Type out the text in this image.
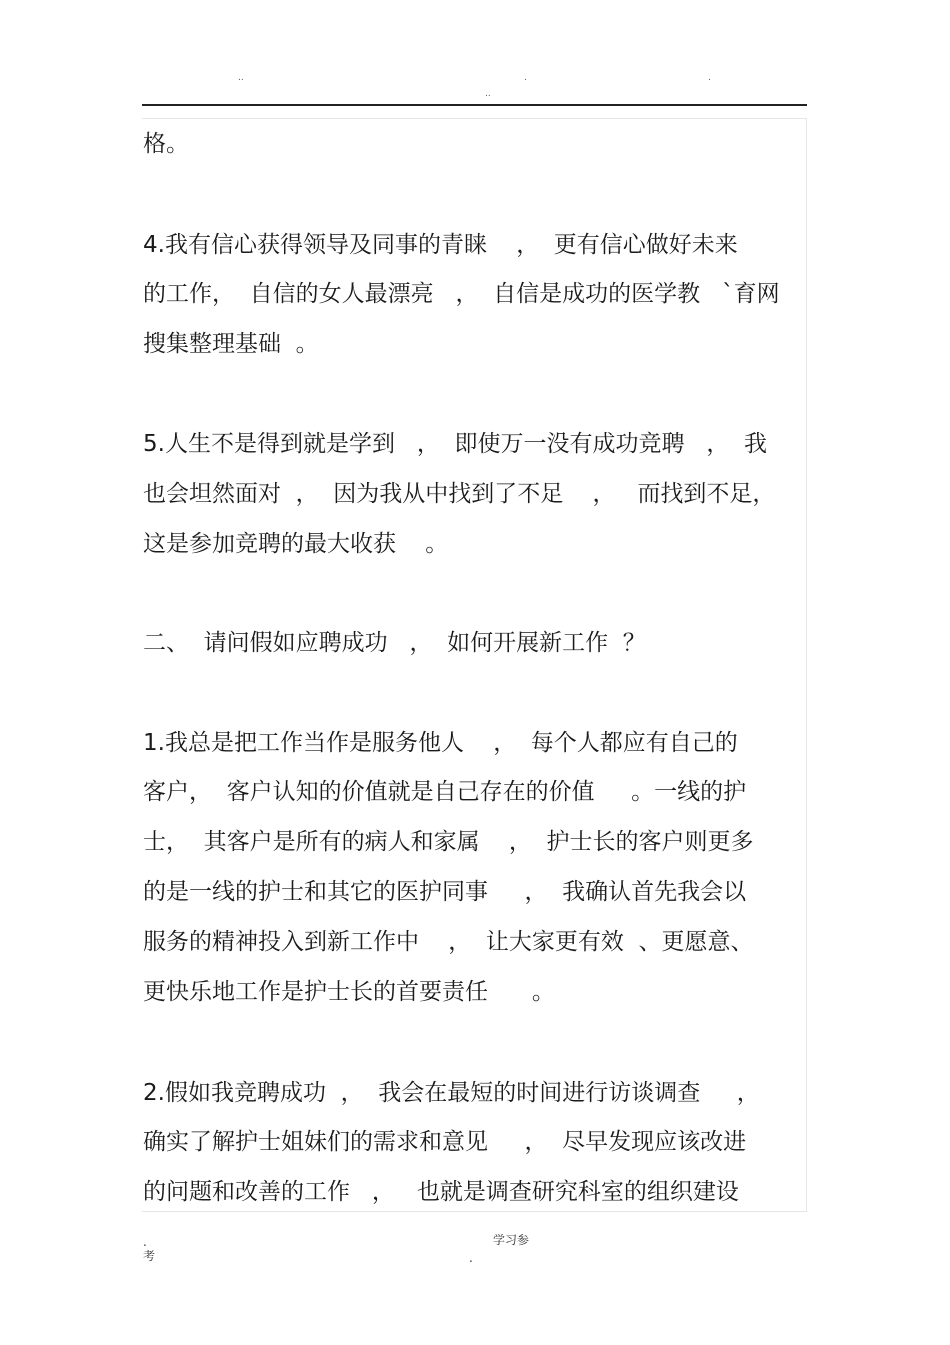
..	.	.
..
格。
4.我有信心获得领导及同事的青睐    ，  更有信心做好未来
的工作，  自信的女人最漂亮   ，  自信是成功的医学教   `育网
搜集整理基础  。
5.人生不是得到就是学到   ，  即使万一没有成功竞聘   ，  我
也会坦然面对  ，  因为我从中找到了不足    ，   而找到不足，
这是参加竞聘的最大收获    。
二、  请问假如应聘成功   ，  如何开展新工作  ？
1.我总是把工作当作是服务他人    ，  每个人都应有自己的
客户，  客户认知的价值就是自己存在的价值     。一线的护
士，  其客户是所有的病人和家属    ，  护士长的客户则更多
的是一线的护士和其它的医护同事     ，  我确认首先我会以
服务的精神投入到新工作中    ，  让大家更有效  、更愿意、
更快乐地工作是护士长的首要责任      。
2.假如我竞聘成功  ，  我会在最短的时间进行访谈调查     ，
确实了解护士姐妹们的需求和意见     ，  尽早发现应该改进
的问题和改善的工作   ，   也就是调查研究科室的组织建设
学习参
.
考	.
